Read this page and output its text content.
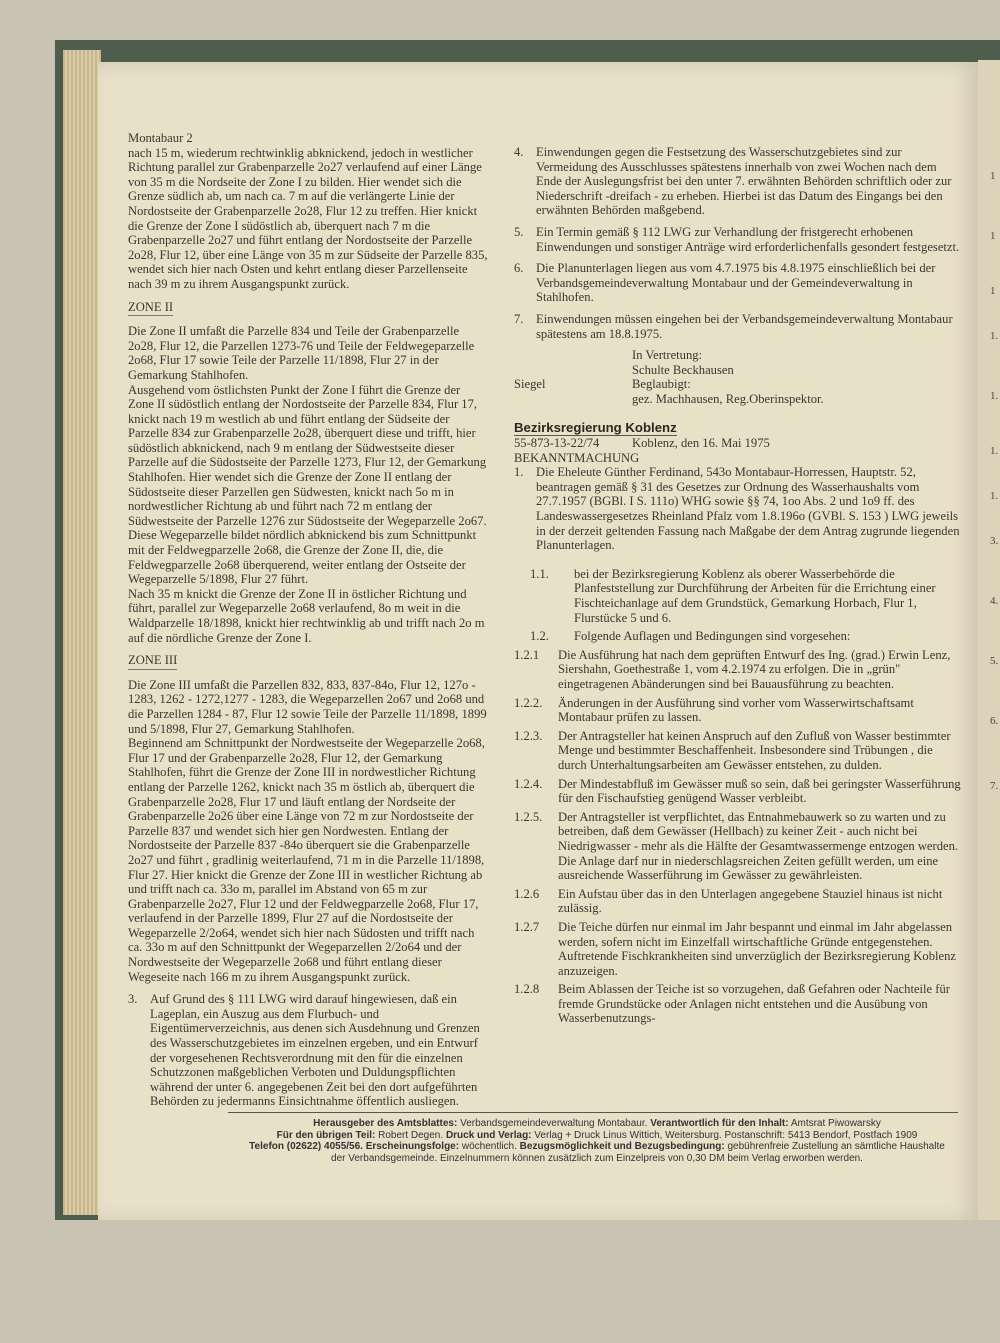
1
1
1
1.
1.
1.
1.
3.
4.
5.
6.
7.

Montabaur 2

nach 15 m, wiederum rechtwinklig abknickend, jedoch in westlicher Richtung parallel zur Grabenparzelle 2o27 verlaufend auf einer Länge von 35 m die Nordseite der Zone I zu bilden. Hier wendet sich die Grenze südlich ab, um nach ca. 7 m auf die verlängerte Linie der Nordostseite der Grabenparzelle 2o28, Flur 12 zu treffen. Hier knickt die Grenze der Zone I südöstlich ab, überquert nach 7 m die Grabenparzelle 2o27 und führt entlang der Nordostseite der Parzelle 2o28, Flur 12, über eine Länge von 35 m zur Südseite der Parzelle 835, wendet sich hier nach Osten und kehrt entlang dieser Parzellenseite nach 39 m zu ihrem Ausgangspunkt zurück.

ZONE II

Die Zone II umfaßt die Parzelle 834 und Teile der Grabenparzelle 2o28, Flur 12, die Parzellen 1273-76 und Teile der Feldwegeparzelle 2o68, Flur 17 sowie Teile der Parzelle 11/1898, Flur 27 in der Gemarkung Stahlhofen.

Ausgehend vom östlichsten Punkt der Zone I führt die Grenze der Zone II südöstlich entlang der Nordostseite der Parzelle 834, Flur 17, knickt nach 19 m westlich ab und führt entlang der Südseite der Parzelle 834 zur Grabenparzelle 2o28, überquert diese und trifft, hier südöstlich abknickend, nach 9 m entlang der Südwestseite dieser Parzelle auf die Südostseite der Parzelle 1273, Flur 12, der Gemarkung Stahlhofen. Hier wendet sich die Grenze der Zone II entlang der Südostseite dieser Parzellen gen Südwesten, knickt nach 5o m in nordwestlicher Richtung ab und führt nach 72 m entlang der Südwestseite der Parzelle 1276 zur Südostseite der Wegeparzelle 2o67.

Diese Wegeparzelle bildet nördlich abknickend bis zum Schnittpunkt mit der Feldwegparzelle 2o68, die Grenze der Zone II, die, die Feldwegparzelle 2o68 überquerend, weiter entlang der Ostseite der Wegeparzelle 5/1898, Flur 27 führt.

Nach 35 m knickt die Grenze der Zone II in östlicher Richtung und führt, parallel zur Wegeparzelle 2o68 verlaufend, 8o m weit in die Waldparzelle 18/1898, knickt hier rechtwinklig ab und trifft nach 2o m auf die nördliche Grenze der Zone I.

ZONE III

Die Zone III umfaßt die Parzellen 832, 833, 837-84o, Flur 12, 127o - 1283, 1262 - 1272,1277 - 1283, die Wegeparzellen 2o67 und 2o68 und die Parzellen 1284 - 87, Flur 12 sowie Teile der Parzelle 11/1898, 1899 und 5/1898, Flur 27, Gemarkung Stahlhofen.

Beginnend am Schnittpunkt der Nordwestseite der Wegeparzelle 2o68, Flur 17 und der Grabenparzelle 2o28, Flur 12, der Gemarkung Stahlhofen, führt die Grenze der Zone III in nordwestlicher Richtung entlang der Parzelle 1262, knickt nach 35 m östlich ab, überquert die Grabenparzelle 2o28, Flur 17 und läuft entlang der Nordseite der Grabenparzelle 2o26 über eine Länge von 72 m zur Nordostseite der Parzelle 837 und wendet sich hier gen Nordwesten. Entlang der Nordostseite der Parzelle 837 -84o überquert sie die Grabenparzelle 2o27 und führt , gradlinig weiterlaufend, 71 m in die Parzelle 11/1898, Flur 27. Hier knickt die Grenze der Zone III in westlicher Richtung ab und trifft nach ca. 33o m, parallel im Abstand von 65 m zur Grabenparzelle 2o27, Flur 12 und der Feldwegparzelle 2o68, Flur 17, verlaufend in der Parzelle 1899, Flur 27 auf die Nordostseite der Wegeparzelle 2/2o64, wendet sich hier nach Südosten und trifft nach ca. 33o m auf den Schnittpunkt der Wegeparzellen 2/2o64 und der Nordwestseite der Wegeparzelle 2o68 und führt entlang dieser Wegeseite nach 166 m zu ihrem Ausgangspunkt zurück.

3. Auf Grund des § 111 LWG wird darauf hingewiesen, daß ein Lageplan, ein Auszug aus dem Flurbuch- und Eigentümerverzeichnis, aus denen sich Ausdehnung und Grenzen des Wasserschutzgebietes im einzelnen ergeben, und ein Entwurf der vorgesehenen Rechtsverordnung mit den für die einzelnen Schutzzonen maßgeblichen Verboten und Duldungspflichten während der unter 6. angegebenen Zeit bei den dort aufgeführten Behörden zu jedermanns Einsichtnahme öffentlich ausliegen.
4. Einwendungen gegen die Festsetzung des Wasserschutzgebietes sind zur Vermeidung des Ausschlusses spätestens innerhalb von zwei Wochen nach dem Ende der Auslegungsfrist bei den unter 7. erwähnten Behörden schriftlich oder zur Niederschrift -dreifach - zu erheben. Hierbei ist das Datum des Eingangs bei den erwähnten Behörden maßgebend.
5. Ein Termin gemäß § 112 LWG zur Verhandlung der fristgerecht erhobenen Einwendungen und sonstiger Anträge wird erforderlichenfalls gesondert festgesetzt.
6. Die Planunterlagen liegen aus vom 4.7.1975 bis 4.8.1975 einschließlich bei der Verbandsgemeindeverwaltung Montabaur und der Gemeindeverwaltung in Stahlhofen.
7. Einwendungen müssen eingehen bei der Verbandsgemeindeverwaltung Montabaur spätestens am 18.8.1975.
In Vertretung:
Schulte Beckhausen
Siegel	Beglaubigt:
gez. Machhausen, Reg.Oberinspektor.
Bezirksregierung Koblenz
55-873-13-22/74	Koblenz, den 16. Mai 1975

BEKANNTMACHUNG

1. Die Eheleute Günther Ferdinand, 543o Montabaur-Horressen, Hauptstr. 52, beantragen gemäß § 31 des Gesetzes zur Ordnung des Wasserhaushalts vom 27.7.1957 (BGBl. I S. 111o) WHG sowie §§ 74, 1oo Abs. 2 und 1o9 ff. des Landeswassergesetzes Rheinland Pfalz vom 1.8.196o (GVBl. S. 153 ) LWG jeweils in der derzeit geltenden Fassung nach Maßgabe der dem Antrag zugrunde liegenden Planunterlagen.
1.1.	bei der Bezirksregierung Koblenz als oberer Wasserbehörde die Planfeststellung zur Durchführung der Arbeiten für die Errichtung einer Fischteichanlage auf dem Grundstück, Gemarkung Horbach, Flur 1, Flurstücke 5 und 6.
1.2.	Folgende Auflagen und Bedingungen sind vorgesehen:
1.2.1	Die Ausführung hat nach dem geprüften Entwurf des Ing. (grad.) Erwin Lenz, Siershahn, Goethestraße 1, vom 4.2.1974 zu erfolgen. Die in „grün" eingetragenen Abänderungen sind bei Bauausführung zu beachten.
1.2.2.	Änderungen in der Ausführung sind vorher vom Wasserwirtschaftsamt Montabaur prüfen zu lassen.
1.2.3.	Der Antragsteller hat keinen Anspruch auf den Zufluß von Wasser bestimmter Menge und bestimmter Beschaffenheit. Insbesondere sind Trübungen , die durch Unterhaltungsarbeiten am Gewässer entstehen, zu dulden.
1.2.4.	Der Mindestabfluß im Gewässer muß so sein, daß bei geringster Wasserführung für den Fischaufstieg genügend Wasser verbleibt.
1.2.5.	Der Antragsteller ist verpflichtet, das Entnahmebauwerk so zu warten und zu betreiben, daß dem Gewässer (Hellbach) zu keiner Zeit - auch nicht bei Niedrigwasser - mehr als die Hälfte der Gesamtwassermenge entzogen werden. Die Anlage darf nur in niederschlagsreichen Zeiten gefüllt werden, um eine ausreichende Wasserführung im Gewässer zu gewährleisten.
1.2.6	Ein Aufstau über das in den Unterlagen angegebene Stauziel hinaus ist nicht zulässig.
1.2.7	Die Teiche dürfen nur einmal im Jahr bespannt und einmal im Jahr abgelassen werden, sofern nicht im Einzelfall wirtschaftliche Gründe entgegenstehen. Auftretende Fischkrankheiten sind unverzüglich der Bezirksregierung Koblenz anzuzeigen.
1.2.8	Beim Ablassen der Teiche ist so vorzugehen, daß Gefahren oder Nachteile für fremde Grundstücke oder Anlagen nicht entstehen und die Ausübung von Wasserbenutzungs-
Herausgeber des Amtsblattes: Verbandsgemeindeverwaltung Montabaur. Verantwortlich für den Inhalt: Amtsrat Piwowarsky
Für den übrigen Teil: Robert Degen. Druck und Verlag: Verlag + Druck Linus Wittich, Weitersburg. Postanschrift: 5413 Bendorf, Postfach 1909
Telefon (02622) 4055/56. Erscheinungsfolge: wöchentlich. Bezugsmöglichkeit und Bezugsbedingung: gebührenfreie Zustellung an sämtliche Haushalte
der Verbandsgemeinde. Einzelnummern können zusätzlich zum Einzelpreis von 0,30 DM beim Verlag erworben werden.
